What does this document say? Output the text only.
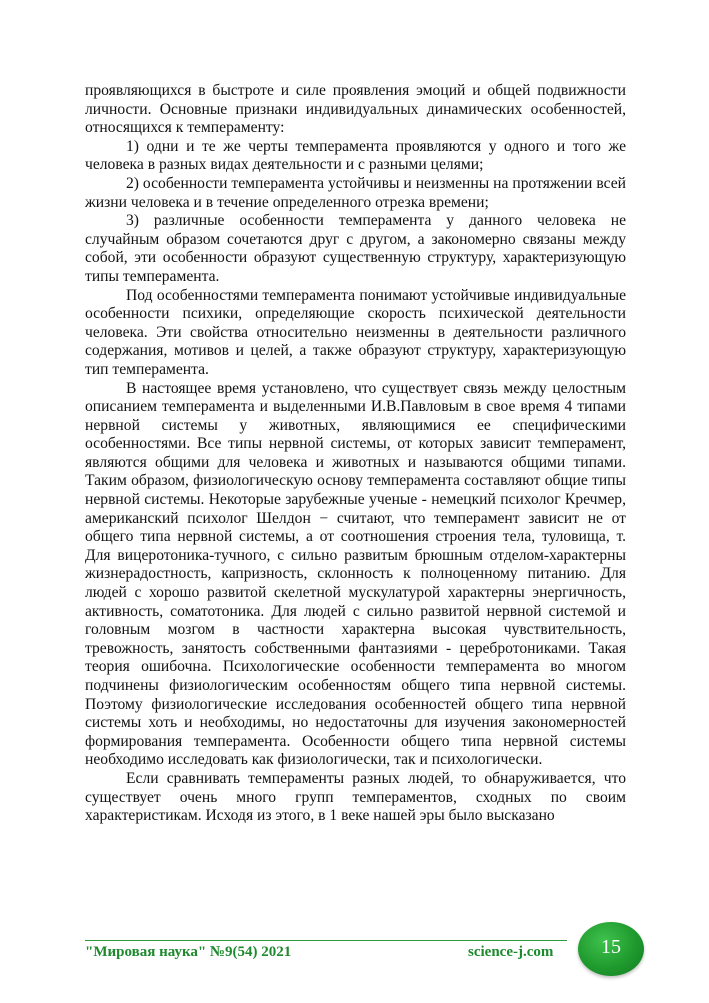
проявляющихся в быстроте и силе проявления эмоций и общей подвижности личности. Основные признаки индивидуальных динамических особенностей, относящихся к темпераменту:

1) одни и те же черты темперамента проявляются у одного и того же человека в разных видах деятельности и с разными целями;

2) особенности темперамента устойчивы и неизменны на протяжении всей жизни человека и в течение определенного отрезка времени;

3) различные особенности темперамента у данного человека не случайным образом сочетаются друг с другом, а закономерно связаны между собой, эти особенности образуют существенную структуру, характеризующую типы темперамента.

Под особенностями темперамента понимают устойчивые индивидуальные особенности психики, определяющие скорость психической деятельности человека. Эти свойства относительно неизменны в деятельности различного содержания, мотивов и целей, а также образуют структуру, характеризующую тип темперамента.

В настоящее время установлено, что существует связь между целостным описанием темперамента и выделенными И.В.Павловым в свое время 4 типами нервной системы у животных, являющимися ее специфическими особенностями. Все типы нервной системы, от которых зависит темперамент, являются общими для человека и животных и называются общими типами. Таким образом, физиологическую основу темперамента составляют общие типы нервной системы. Некоторые зарубежные ученые - немецкий психолог Кречмер, американский психолог Шелдон − считают, что темперамент зависит не от общего типа нервной системы, а от соотношения строения тела, туловища, т. Для вицеротоника-тучного, с сильно развитым брюшным отделом-характерны жизнерадостность, капризность, склонность к полноценному питанию. Для людей с хорошо развитой скелетной мускулатурой характерны энергичность, активность, соматотоника. Для людей с сильно развитой нервной системой и головным мозгом в частности характерна высокая чувствительность, тревожность, занятость собственными фантазиями - церебротониками. Такая теория ошибочна. Психологические особенности темперамента во многом подчинены физиологическим особенностям общего типа нервной системы. Поэтому физиологические исследования особенностей общего типа нервной системы хоть и необходимы, но недостаточны для изучения закономерностей формирования темперамента. Особенности общего типа нервной системы необходимо исследовать как физиологически, так и психологически.

Если сравнивать темпераменты разных людей, то обнаруживается, что существует очень много групп темпераментов, сходных по своим характеристикам. Исходя из этого, в 1 веке нашей эры было высказано

"Мировая наука" №9(54) 2021	science-j.com	15
